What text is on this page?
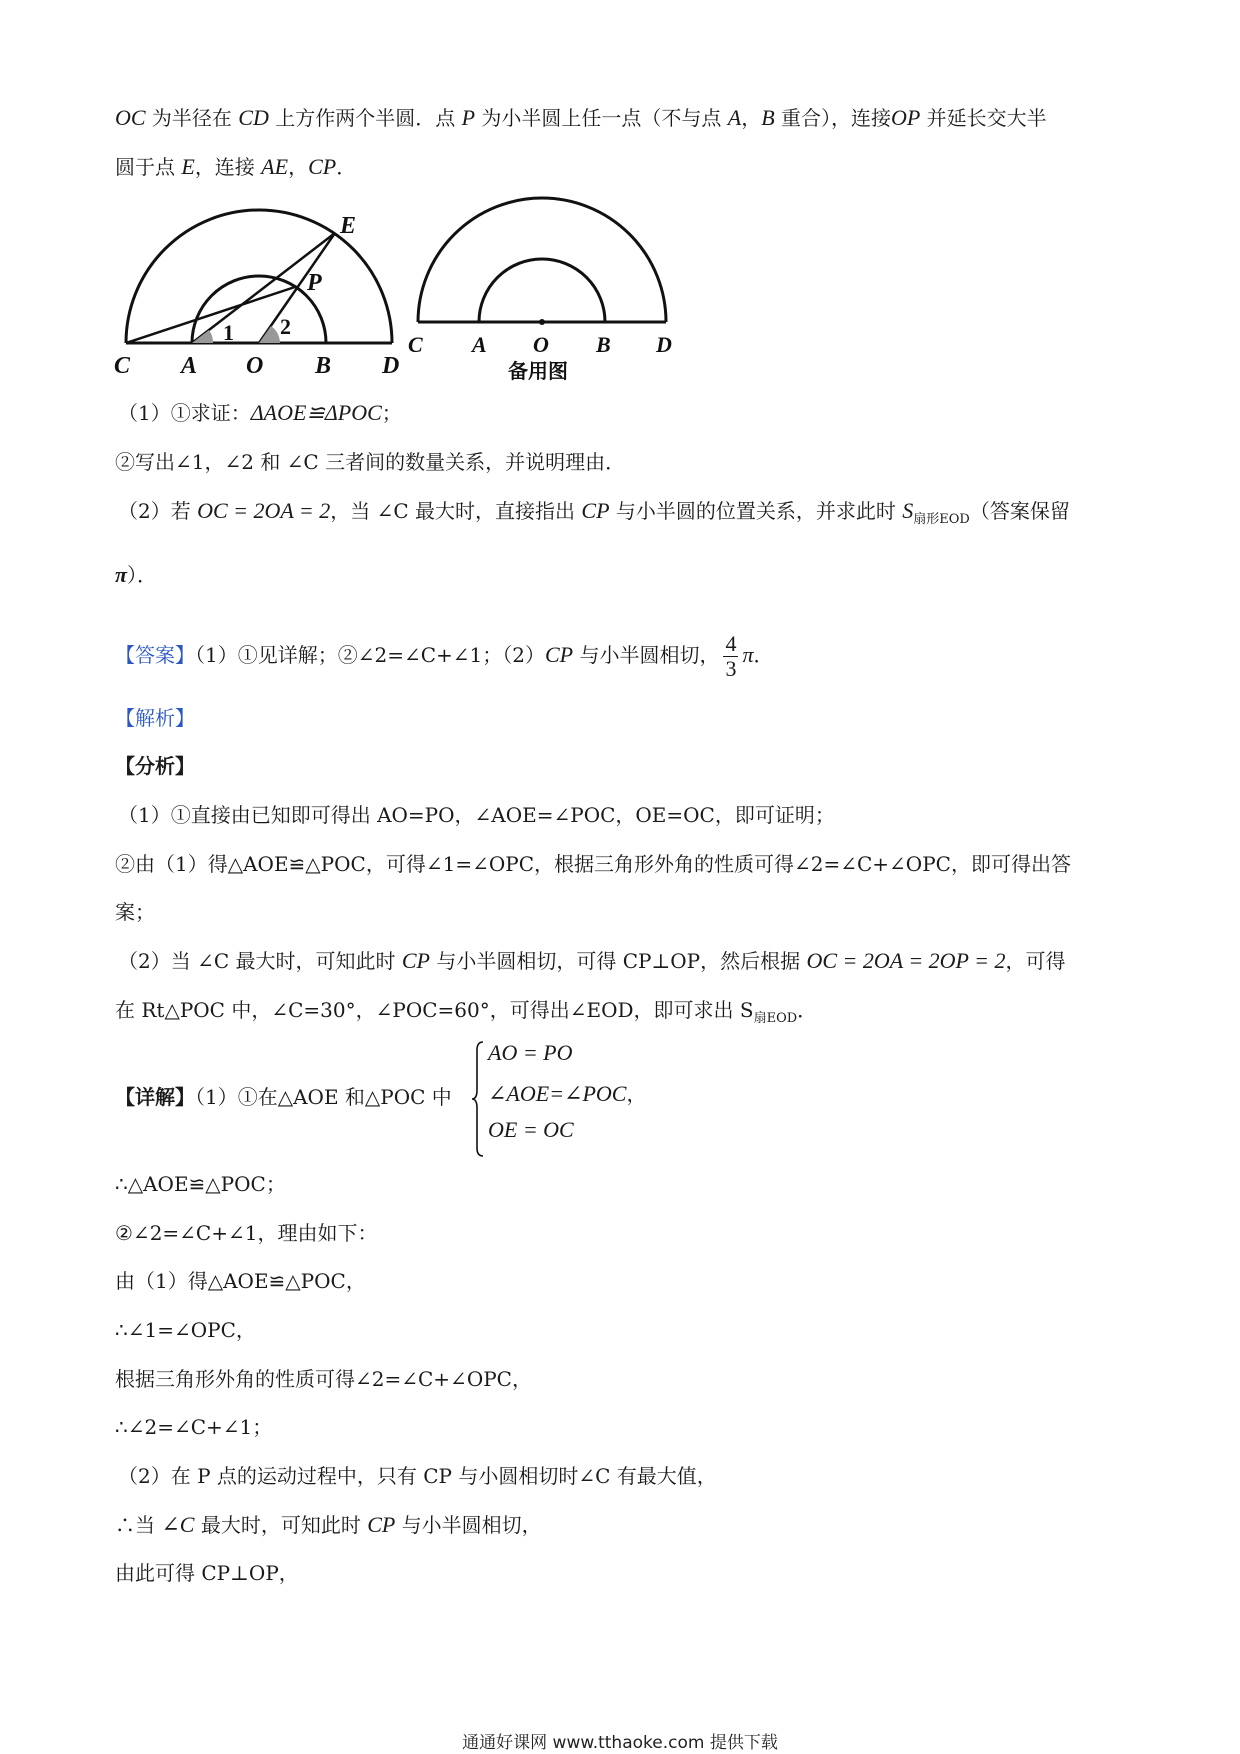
OC 为半径在 CD 上方作两个半圆．点 P 为小半圆上任一点（不与点 A，B 重合），连接OP 并延长交大半
圆于点 E，连接 AE，CP．
E
P
1 2
C A O B D
C A O B D
备用图
（1）①求证：ΔAOE≌ΔPOC；
②写出∠1，∠2 和 ∠C 三者间的数量关系，并说明理由．
（2）若 OC = 2OA = 2，当 ∠C 最大时，直接指出 CP 与小半圆的位置关系，并求此时 $S_{扇形EOD}$（答案保留
π）．
【答案】（1）①见详解；②∠2=∠C+∠1；（2）CP 与小半圆相切， $\frac{4}{3}$ π．
【解析】
【分析】
（1）①直接由已知即可得出 AO=PO，∠AOE=∠POC，OE=OC，即可证明；
②由（1）得△AOE≌△POC，可得∠1=∠OPC，根据三角形外角的性质可得∠2=∠C+∠OPC，即可得出答
案；
（2）当 ∠C 最大时，可知此时 CP 与小半圆相切，可得 CP⊥OP，然后根据 OC = 2OA = 2OP = 2，可得
在 Rt△POC 中，∠C=30°，∠POC=60°，可得出∠EOD，即可求出 $S_{扇EOD}$．
【详解】（1）①在△AOE 和△POC 中
AO = PO
∠AOE=∠POC，
OE = OC
∴△AOE≌△POC；
②∠2=∠C+∠1，理由如下：
由（1）得△AOE≌△POC，
∴∠1=∠OPC，
根据三角形外角的性质可得∠2=∠C+∠OPC，
∴∠2=∠C+∠1；
（2）在 P 点的运动过程中，只有 CP 与小圆相切时∠C 有最大值，
∴当 ∠C 最大时，可知此时 CP 与小半圆相切，
由此可得 CP⊥OP，
通通好课网 www.tthaoke.com 提供下载
